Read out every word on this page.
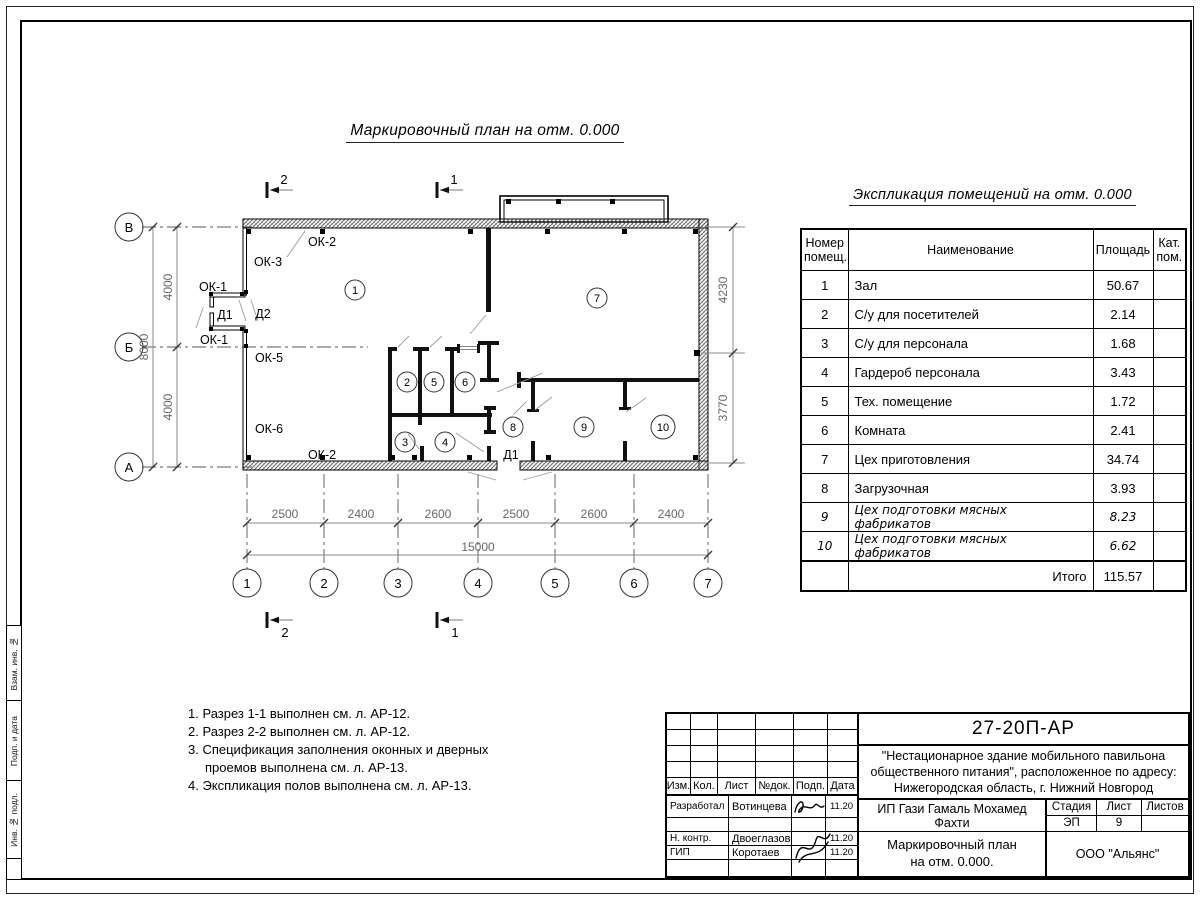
Взам. инв. №
Подп. и дата
Инв. № подл.
Маркировочный план на отм. 0.000
В
Б
А
1	2	3	4	5	6	7
4000
4000
8000
4230
3770
2500	2400	2600	2500	2600	2400
15000
2	1
2	1
1
2
3	4
5 6
7
8	9	10
ОК-2
ОК-3
ОК-1
Д1 Д2
ОК-1
ОК-5
ОК-6
ОК-2	Д1
Экспликация помещений на отм. 0.000
Номер помещ.	Наименование	Площадь	Кат. пом.
1	Зал	50.67	
2	С/у для посетителей	2.14	
3	С/у для персонала	1.68	
4	Гардероб персонала	3.43	
5	Тех. помещение	1.72	
6	Комната	2.41	
7	Цех приготовления	34.74	
8	Загрузочная	3.93	
9	Цех подготовки мясных фабрикатов	8.23	
10	Цех подготовки мясных фабрикатов	6.62	
	Итого	115.57	
1. Разрез 1-1 выполнен см. л. АР-12.
2. Разрез 2-2 выполнен см. л. АР-12.
3. Спецификация заполнения оконных и дверных проемов выполнена см. л. АР-13.
4. Экспликация полов выполнена см. л. АР-13.	Изм. Кол. Лист №док. Подп. Дата
Разработал Вотинцева	11.20
Н. контр.	Двоеглазов	11.20
ГИП	Коротаев	11.20
27-20П-АР
"Нестационарное здание мобильного павильона
общественного питания", расположенное по адресу:
Нижегородская область, г. Нижний Новгород
ИП Гази Гамаль Мохамед Фахти
Стадия	Лист	Листов
ЭП	9
Маркировочный план
на отм. 0.000.	ООО "Альянс"
